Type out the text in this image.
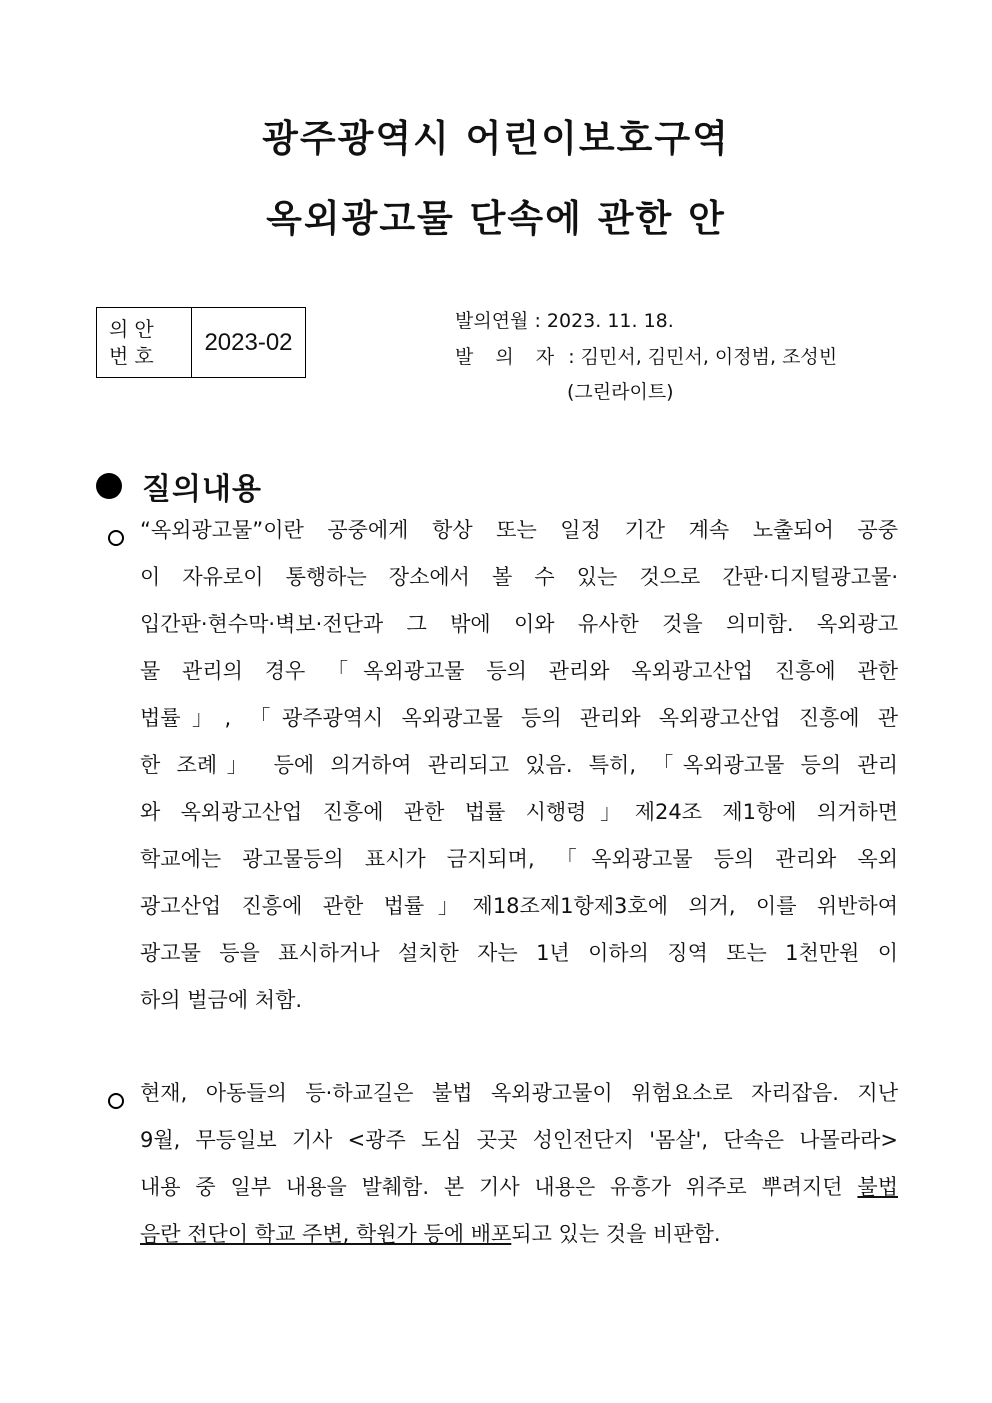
광주광역시 어린이보호구역
옥외광고물 단속에 관한 안
의안
번호	2023-02
발의연월 : 2023. 11. 18.
발 의 자 : 김민서, 김민서, 이정범, 조성빈
(그린라이트)
질의내용
“옥외광고물”이란 공중에게 항상 또는 일정 기간 계속 노출되어 공중
이 자유로이 통행하는 장소에서 볼 수 있는 것으로 간판·디지털광고물·
입간판·현수막·벽보·전단과 그 밖에 이와 유사한 것을 의미함. 옥외광고
물 관리의 경우 「옥외광고물 등의 관리와 옥외광고산업 진흥에 관한
법률」, 「광주광역시 옥외광고물 등의 관리와 옥외광고산업 진흥에 관
한 조례」 등에 의거하여 관리되고 있음. 특히, 「옥외광고물 등의 관리
와 옥외광고산업 진흥에 관한 법률 시행령」제24조 제1항에 의거하면
학교에는 광고물등의 표시가 금지되며, 「옥외광고물 등의 관리와 옥외
광고산업 진흥에 관한 법률」제18조제1항제3호에 의거, 이를 위반하여
광고물 등을 표시하거나 설치한 자는 1년 이하의 징역 또는 1천만원 이
하의 벌금에 처함.
현재, 아동들의 등·하교길은 불법 옥외광고물이 위험요소로 자리잡음. 지난
9월, 무등일보 기사 <광주 도심 곳곳 성인전단지 '몸살', 단속은 나몰라라>
내용 중 일부 내용을 발췌함. 본 기사 내용은 유흥가 위주로 뿌려지던 불법
음란 전단이 학교 주변, 학원가 등에 배포되고 있는 것을 비판함.
